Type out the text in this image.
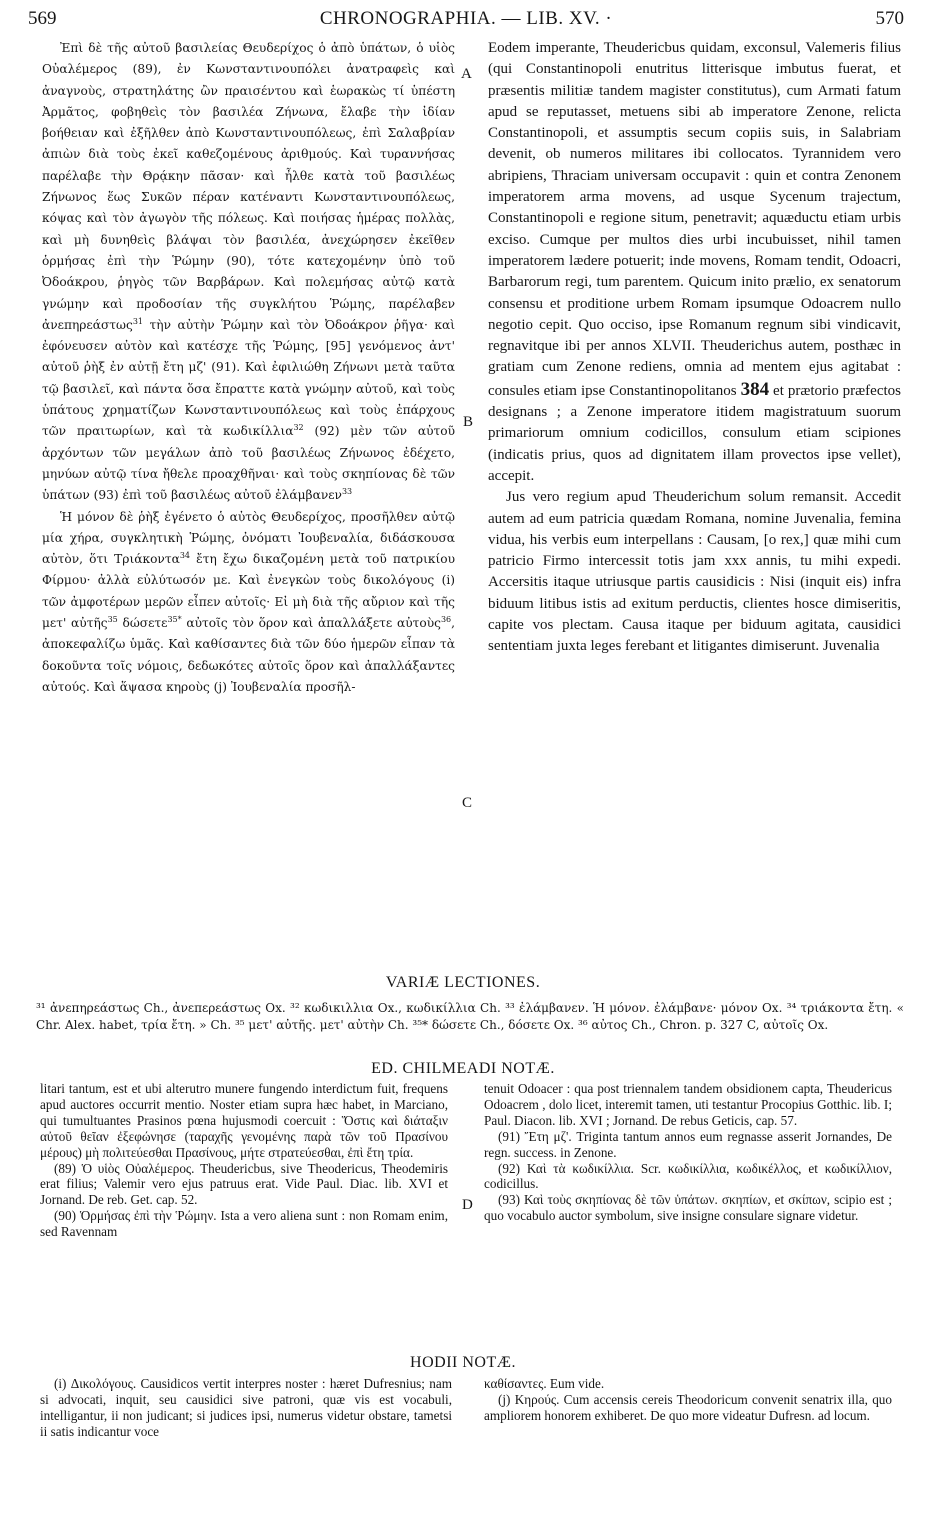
569	CHRONOGRAPHIA. — LIB. XV. ·	570

Ἐπὶ δὲ τῆς αὐτοῦ βασιλείας Θευδερίχος ὁ ἀπὸ ὑπάτων, ὁ υἱὸς Οὐαλέμερος (89), ἐν Κωνσταντινουπόλει ἀνατραφεὶς καὶ ἀναγνοὺς, στρατηλάτης ὢν πραισέντου καὶ ἑωρακὼς τί ὑπέστη Ἀρμᾶτος, φοβηθεὶς τὸν βασιλέα Ζήνωνα, ἔλαβε τὴν ἰδίαν βοήθειαν καὶ ἐξῆλθεν ἀπὸ Κωνσταντινουπόλεως, ἐπὶ Σαλαβρίαν ἀπιὼν διὰ τοὺς ἐκεῖ καθεζομένους ἀριθμούς. Καὶ τυραννήσας παρέλαβε τὴν Θρᾴκην πᾶσαν· καὶ ἦλθε κατὰ τοῦ βασιλέως Ζήνωνος ἕως Συκῶν πέραν κατέναντι Κωνσταντινουπόλεως, κόψας καὶ τὸν ἀγωγὸν τῆς πόλεως. Καὶ ποιήσας ἡμέρας πολλὰς, καὶ μὴ δυνηθεὶς βλάψαι τὸν βασιλέα, ἀνεχώρησεν ἐκεῖθεν ὁρμήσας ἐπὶ τὴν Ῥώμην (90), τότε κατεχομένην ὑπὸ τοῦ Ὀδοάκρου, ῥηγὸς τῶν Βαρβάρων. Καὶ πολεμήσας αὐτῷ κατὰ γνώμην καὶ προδοσίαν τῆς συγκλήτου Ῥώμης, παρέλαβεν ἀνεπηρεάστως$^{31}$ τὴν αὐτὴν Ῥώμην καὶ τὸν Ὀδοάκρον ῥῆγα· καὶ ἐφόνευσεν αὐτὸν καὶ κατέσχε τῆς Ῥώμης, [95] γενόμενος ἀντ' αὐτοῦ ῥὴξ ἐν αὐτῇ ἔτη μζ' (91). Καὶ ἐφιλιώθη Ζήνωνι μετὰ ταῦτα τῷ βασιλεῖ, καὶ πάντα ὅσα ἔπραττε κατὰ γνώμην αὐτοῦ, καὶ τοὺς ὑπάτους χρηματίζων Κωνσταντινουπόλεως καὶ τοὺς ἐπάρχους τῶν πραιτωρίων, καὶ τὰ κωδικίλλια$^{32}$ (92) μὲν τῶν αὐτοῦ ἀρχόντων τῶν μεγάλων ἀπὸ τοῦ βασιλέως Ζήνωνος ἐδέχετο, μηνύων αὐτῷ τίνα ἤθελε προαχθῆναι· καὶ τοὺς σκηπίονας δὲ τῶν ὑπάτων (93) ἐπὶ τοῦ βασιλέως αὐτοῦ ἐλάμβανεν$^{33}$

Ἡ μόνον δὲ ῥὴξ ἐγένετο ὁ αὐτὸς Θευδερίχος, προσῆλθεν αὐτῷ μία χήρα, συγκλητικὴ Ῥώμης, ὀνόματι Ἰουβεναλία, διδάσκουσα αὐτὸν, ὅτι Τριάκοντα$^{34}$ ἔτη ἔχω δικαζομένη μετὰ τοῦ πατρικίου Φίρμου· ἀλλὰ εὐλύτωσόν με. Καὶ ἐνεγκὼν τοὺς δικολόγους (i) τῶν ἀμφοτέρων μερῶν εἶπεν αὐτοῖς· Εἰ μὴ διὰ τῆς αὔριον καὶ τῆς μετ' αὐτῆς$^{35}$ δώσετε$^{35*}$ αὐτοῖς τὸν ὅρον καὶ ἀπαλλάξετε αὐτοὺς$^{36}$, ἀποκεφαλίζω ὑμᾶς. Καὶ καθίσαντες διὰ τῶν δύο ἡμερῶν εἶπαν τὰ δοκοῦντα τοῖς νόμοις, δεδωκότες αὐτοῖς ὅρον καὶ ἀπαλλάξαντες αὐτούς. Καὶ ἅψασα κηροὺς (j) Ἰουβεναλία προσῆλ-

A
B
C
D

Eodem imperante, Theudericbus quidam, exconsul, Valemeris filius (qui Constantinopoli enutritus litterisque imbutus fuerat, et præsentis militiæ tandem magister constitutus), cum Armati fatum apud se reputasset, metuens sibi ab imperatore Zenone, relicta Constantinopoli, et assumptis secum copiis suis, in Salabriam devenit, ob numeros militares ibi collocatos. Tyrannidem vero abripiens, Thraciam universam occupavit : quin et contra Zenonem imperatorem arma movens, ad usque Sycenum trajectum, Constantinopoli e regione situm, penetravit; aquæductu etiam urbis exciso. Cumque per multos dies urbi incubuisset, nihil tamen imperatorem lædere potuerit; inde movens, Romam tendit, Odoacri, Barbarorum regi, tum parentem. Quicum inito prælio, ex senatorum consensu et proditione urbem Romam ipsumque Odoacrem nullo negotio cepit. Quo occiso, ipse Romanum regnum sibi vindicavit, regnavitque ibi per annos XLVII. Theuderichus autem, posthæc in gratiam cum Zenone rediens, omnia ad mentem ejus agitabat : consules etiam ipse Constantinopolitanos 384 et prætorio præfectos designans ; a Zenone imperatore itidem magistratuum suorum primariorum omnium codicillos, consulum etiam scipiones (indicatis prius, quos ad dignitatem illam provectos ipse vellet), accepit.

Jus vero regium apud Theuderichum solum remansit. Accedit autem ad eum patricia quædam Romana, nomine Juvenalia, femina vidua, his verbis eum interpellans : Causam, [o rex,] quæ mihi cum patricio Firmo intercessit totis jam xxx annis, tu mihi expedi. Accersitis itaque utriusque partis causidicis : Nisi (inquit eis) infra biduum litibus istis ad exitum perductis, clientes hosce dimiseritis, capite vos plectam. Causa itaque per biduum agitata, causidici sententiam juxta leges ferebant et litigantes dimiserunt. Juvenalia

VARIÆ LECTIONES.

³¹ ἀνεπηρεάστως Ch., ἀνεπερεάστως Ox. ³² κωδικιλλια Ox., κωδικίλλια Ch. ³³ ἐλάμβανεν. Ἡ μόνον. ἐλάμβανε· μόνον Ox. ³⁴ τριάκοντα ἔτη. « Chr. Alex. habet, τρία ἔτη. » Ch. ³⁵ μετ' αὐτῆς. μετ' αὐτὴν Ch. ³⁵* δώσετε Ch., δόσετε Ox. ³⁶ αὐτος Ch., Chron. p. 327 C, αὐτοῖς Ox.

ED. CHILMEADI NOTÆ.

litari tantum, est et ubi alterutro munere fungendo interdictum fuit, frequens apud auctores occurrit mentio. Noster etiam supra hæc habet, in Marciano, qui tumultuantes Prasinos pœna hujusmodi coercuit : Ὅστις καὶ διάταξιν αὐτοῦ θεῖαν ἐξεφώνησε (ταραχῆς γενομένης παρὰ τῶν τοῦ Πρασίνου μέρους) μὴ πολιτεύεσθαι Πρασίνους, μήτε στρατεύεσθαι, ἐπὶ ἔτη τρία.

(89) Ὁ υἱὸς Οὐαλέμερος. Theudericbus, sive Theodericus, Theodemiris erat filius; Valemir vero ejus patruus erat. Vide Paul. Diac. lib. XVI et Jornand. De reb. Get. cap. 52.

(90) Ὁρμήσας ἐπὶ τὴν Ῥώμην. Ista a vero aliena sunt : non Romam enim, sed Ravennam

tenuit Odoacer : qua post triennalem tandem obsidionem capta, Theudericus Odoacrem , dolo licet, interemit tamen, uti testantur Procopius Gotthic. lib. I; Paul. Diacon. lib. XVI ; Jornand. De rebus Geticis, cap. 57.

(91) Ἔτη μζ'. Triginta tantum annos eum regnasse asserit Jornandes, De regn. success. in Zenone.

(92) Καὶ τὰ κωδικίλλια. Scr. κωδικίλλια, κωδικέλλος, et κωδικίλλιον, codicillus.

(93) Καὶ τοὺς σκηπίονας δὲ τῶν ὑπάτων. σκηπίων, et σκίπων, scipio est ; quo vocabulo auctor symbolum, sive insigne consulare signare videtur.

HODII NOTÆ.

(i) Δικολόγους. Causidicos vertit interpres noster : hæret Dufresnius; nam si advocati, inquit, seu causidici sive patroni, quæ vis est vocabuli, intelligantur, ii non judicant; si judices ipsi, numerus videtur obstare, tametsi ii satis indicantur voce

καθίσαντες. Eum vide.

(j) Κηρούς. Cum accensis cereis Theodoricum convenit senatrix illa, quo ampliorem honorem exhiberet. De quo more videatur Dufresn. ad locum.
